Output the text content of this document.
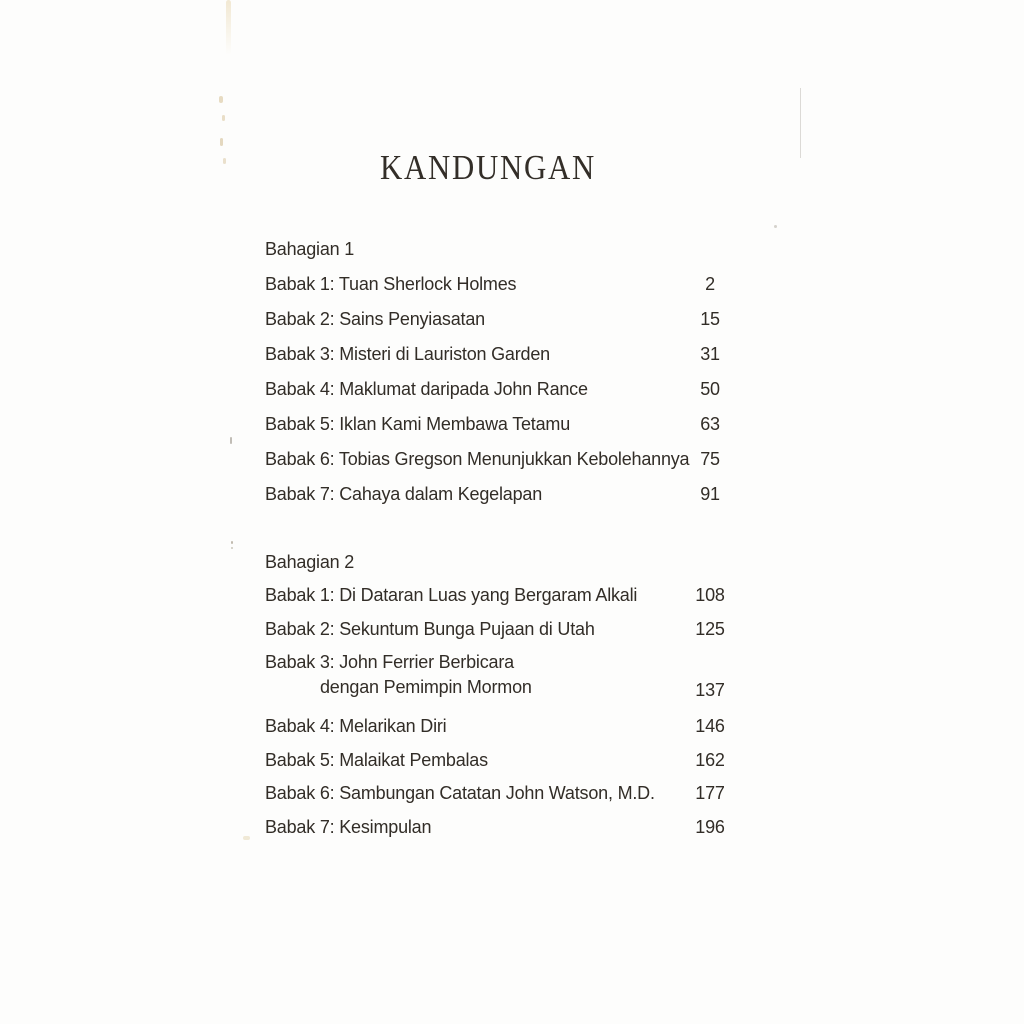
KANDUNGAN
Bahagian 1
Babak 1: Tuan Sherlock Holmes	2
Babak 2: Sains Penyiasatan	15
Babak 3: Misteri di Lauriston Garden	31
Babak 4: Maklumat daripada John Rance	50
Babak 5: Iklan Kami Membawa Tetamu	63
Babak 6: Tobias Gregson Menunjukkan Kebolehannya 75
Babak 7: Cahaya dalam Kegelapan	91
Bahagian 2
Babak 1: Di Dataran Luas yang Bergaram Alkali	108
Babak 2: Sekuntum Bunga Pujaan di Utah	125
Babak 3: John Ferrier Berbicara
dengan Pemimpin Mormon	137
Babak 4: Melarikan Diri	146
Babak 5: Malaikat Pembalas	162
Babak 6: Sambungan Catatan John Watson, M.D.	177
Babak 7: Kesimpulan	196
